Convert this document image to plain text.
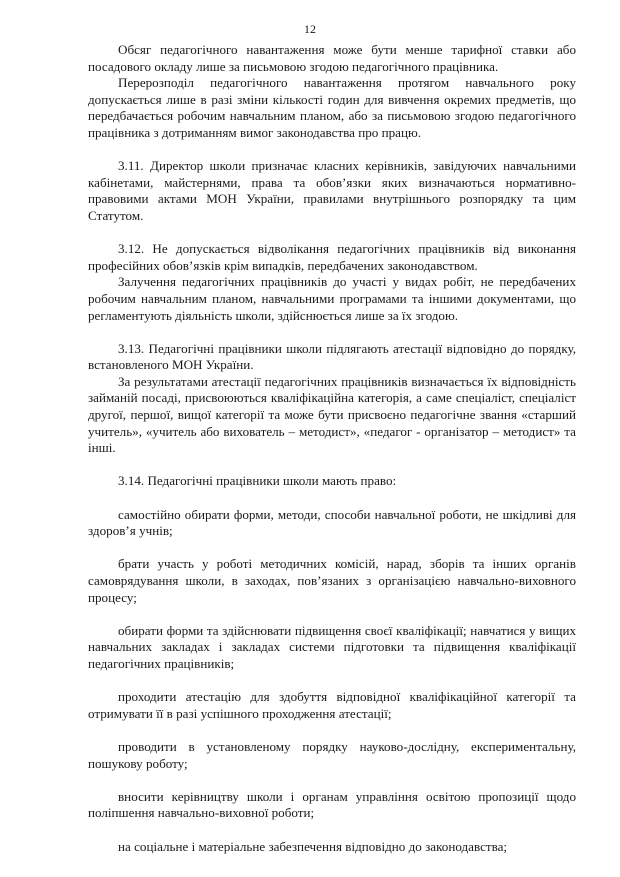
12

Обсяг педагогічного навантаження може бути менше тарифної ставки або посадового окладу лише за письмовою згодою педагогічного працівника.

Перерозподіл педагогічного навантаження протягом навчального року допускається лише в разі зміни кількості годин для вивчення окремих предметів, що передбачається робочим навчальним планом, або за письмовою згодою педагогічного працівника з дотриманням вимог законодавства про працю.

3.11. Директор школи призначає класних керівників, завідуючих навчальними кабінетами, майстернями, права та обов’язки яких визначаються нормативно-правовими актами МОН України, правилами внутрішнього розпорядку та цим Статутом.

3.12. Не допускається відволікання педагогічних працівників від виконання професійних обов’язків крім випадків, передбачених законодавством.

Залучення педагогічних працівників до участі у видах робіт, не передбачених робочим навчальним планом, навчальними програмами та іншими документами, що регламентують діяльність школи, здійснюється лише за їх згодою.

3.13. Педагогічні працівники школи підлягають атестації відповідно до порядку, встановленого МОН України.

За результатами атестації педагогічних працівників визначається їх відповідність займаній посаді, присвоюються кваліфікаційна категорія, а саме спеціаліст, спеціаліст другої, першої, вищої категорії та може бути присвоєно педагогічне звання «старший учитель», «учитель або вихователь – методист», «педагог - організатор – методист» та інші.

3.14. Педагогічні працівники школи мають право:

самостійно обирати форми, методи, способи навчальної роботи, не шкідливі для здоров’я учнів;

брати участь у роботі методичних комісій, нарад, зборів та інших органів самоврядування школи, в заходах, пов’язаних з організацією навчально-виховного процесу;

обирати форми та здійснювати підвищення своєї кваліфікації; навчатися у вищих навчальних закладах і закладах системи підготовки та підвищення кваліфікації педагогічних працівників;

проходити атестацію для здобуття відповідної кваліфікаційної категорії та отримувати її в разі успішного проходження атестації;

проводити в установленому порядку науково-дослідну, експериментальну, пошукову роботу;

вносити керівництву школи і органам управління освітою пропозиції щодо поліпшення навчально-виховної роботи;

на соціальне і матеріальне забезпечення відповідно до законодавства;
